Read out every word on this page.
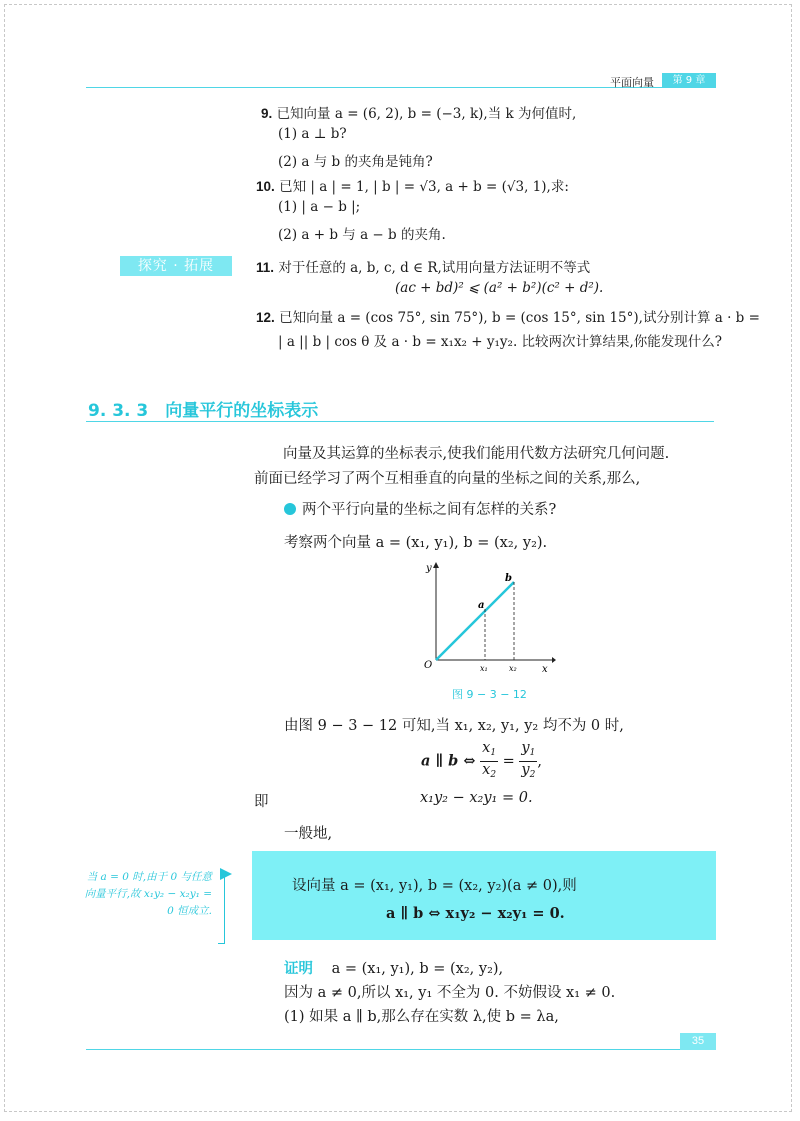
平面向量	第 9 章
9. 已知向量 a = (6, 2), b = (−3, k),当 k 为何值时,
(1) a ⊥ b?
(2) a 与 b 的夹角是钝角?
10. 已知 | a | = 1, | b | = √3, a + b = (√3, 1),求:
(1) | a − b |;
(2) a + b 与 a − b 的夹角.
探究 · 拓展	11. 对于任意的 a, b, c, d ∈ R,试用向量方法证明不等式
(ac + bd)² ⩽ (a² + b²)(c² + d²).
12. 已知向量 a = (cos 75°, sin 75°), b = (cos 15°, sin 15°),试分别计算 a · b =
| a || b | cos θ 及 a · b = x₁x₂ + y₁y₂. 比较两次计算结果,你能发现什么?
9. 3. 3　向量平行的坐标表示
向量及其运算的坐标表示,使我们能用代数方法研究几何问题.
前面已经学习了两个互相垂直的向量的坐标之间的关系,那么,
两个平行向量的坐标之间有怎样的关系?
考察两个向量 a = (x₁, y₁), b = (x₂, y₂).
y
x
O
a
b
x₁	x₂
图 9 − 3 − 12
由图 9 − 3 − 12 可知,当 x₁, x₂, y₁, y₂ 均不为 0 时,
a ∥ b ⇔ $\frac{x_1}{x_2} = \frac{y_1}{y_2}$ ,
即	x₁y₂ − x₂y₁ = 0.
一般地,
当 a = 0 时,由于 0 与任意向量平行,故 x₁y₂ − x₂y₁ = 0 恒成立.
设向量 a = (x₁, y₁), b = (x₂, y₂)(a ≠ 0),则
a ∥ b ⇔ x₁y₂ − x₂y₁ = 0.
证明 a = (x₁, y₁), b = (x₂, y₂),
因为 a ≠ 0,所以 x₁, y₁ 不全为 0. 不妨假设 x₁ ≠ 0.
(1) 如果 a ∥ b,那么存在实数 λ,使 b = λa,
35
